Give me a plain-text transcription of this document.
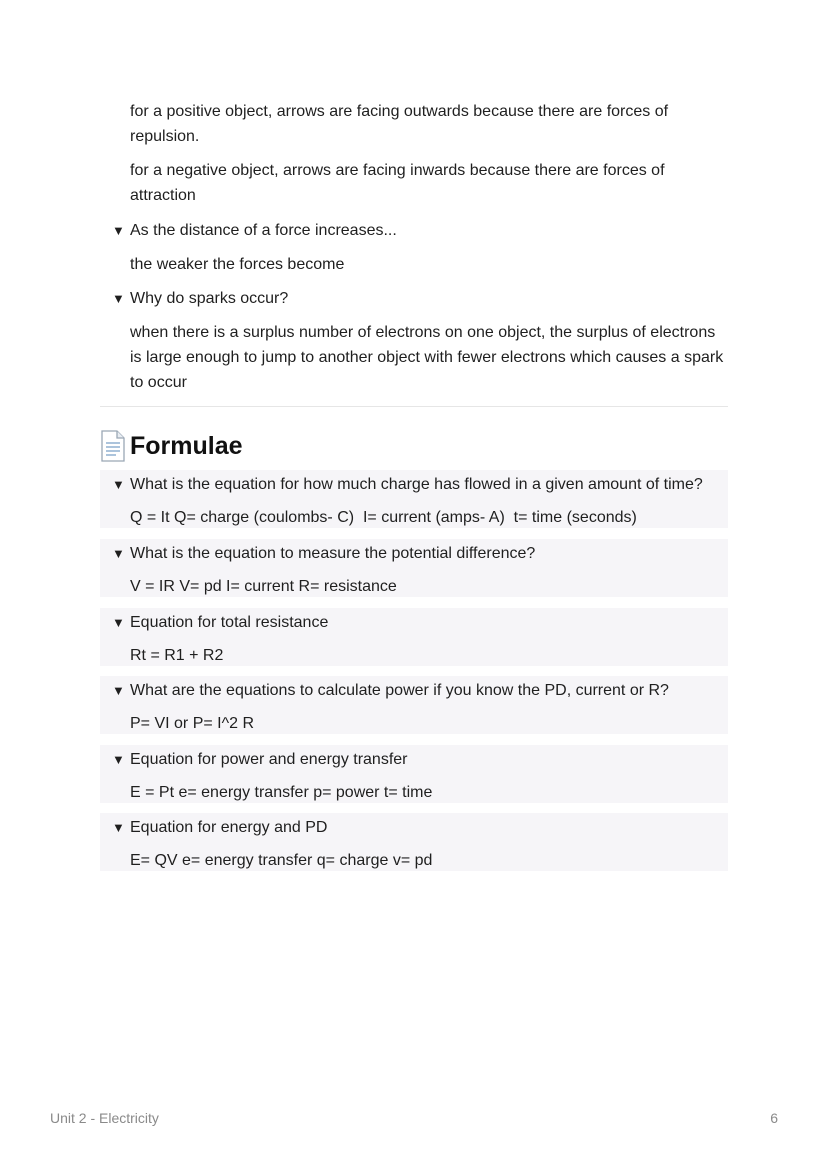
for a positive object, arrows are facing outwards because there are forces of repulsion.

for a negative object, arrows are facing inwards because there are forces of attraction

▼ As the distance of a force increases...

the weaker the forces become

▼ Why do sparks occur?

when there is a surplus number of electrons on one object, the surplus of electrons is large enough to jump to another object with fewer electrons which causes a spark to occur

Formulae
▼ What is the equation for how much charge has flowed in a given amount of time?
Q = It Q= charge (coulombs- C)  I= current (amps- A)  t= time (seconds)
▼ What is the equation to measure the potential difference?
V = IR V= pd I= current R= resistance
▼ Equation for total resistance
Rt = R1 + R2
▼ What are the equations to calculate power if you know the PD, current or R?
P= VI or P= I^2 R
▼ Equation for power and energy transfer
E = Pt e= energy transfer p= power t= time
▼ Equation for energy and PD
E= QV e= energy transfer q= charge v= pd
Unit 2 - Electricity	6
